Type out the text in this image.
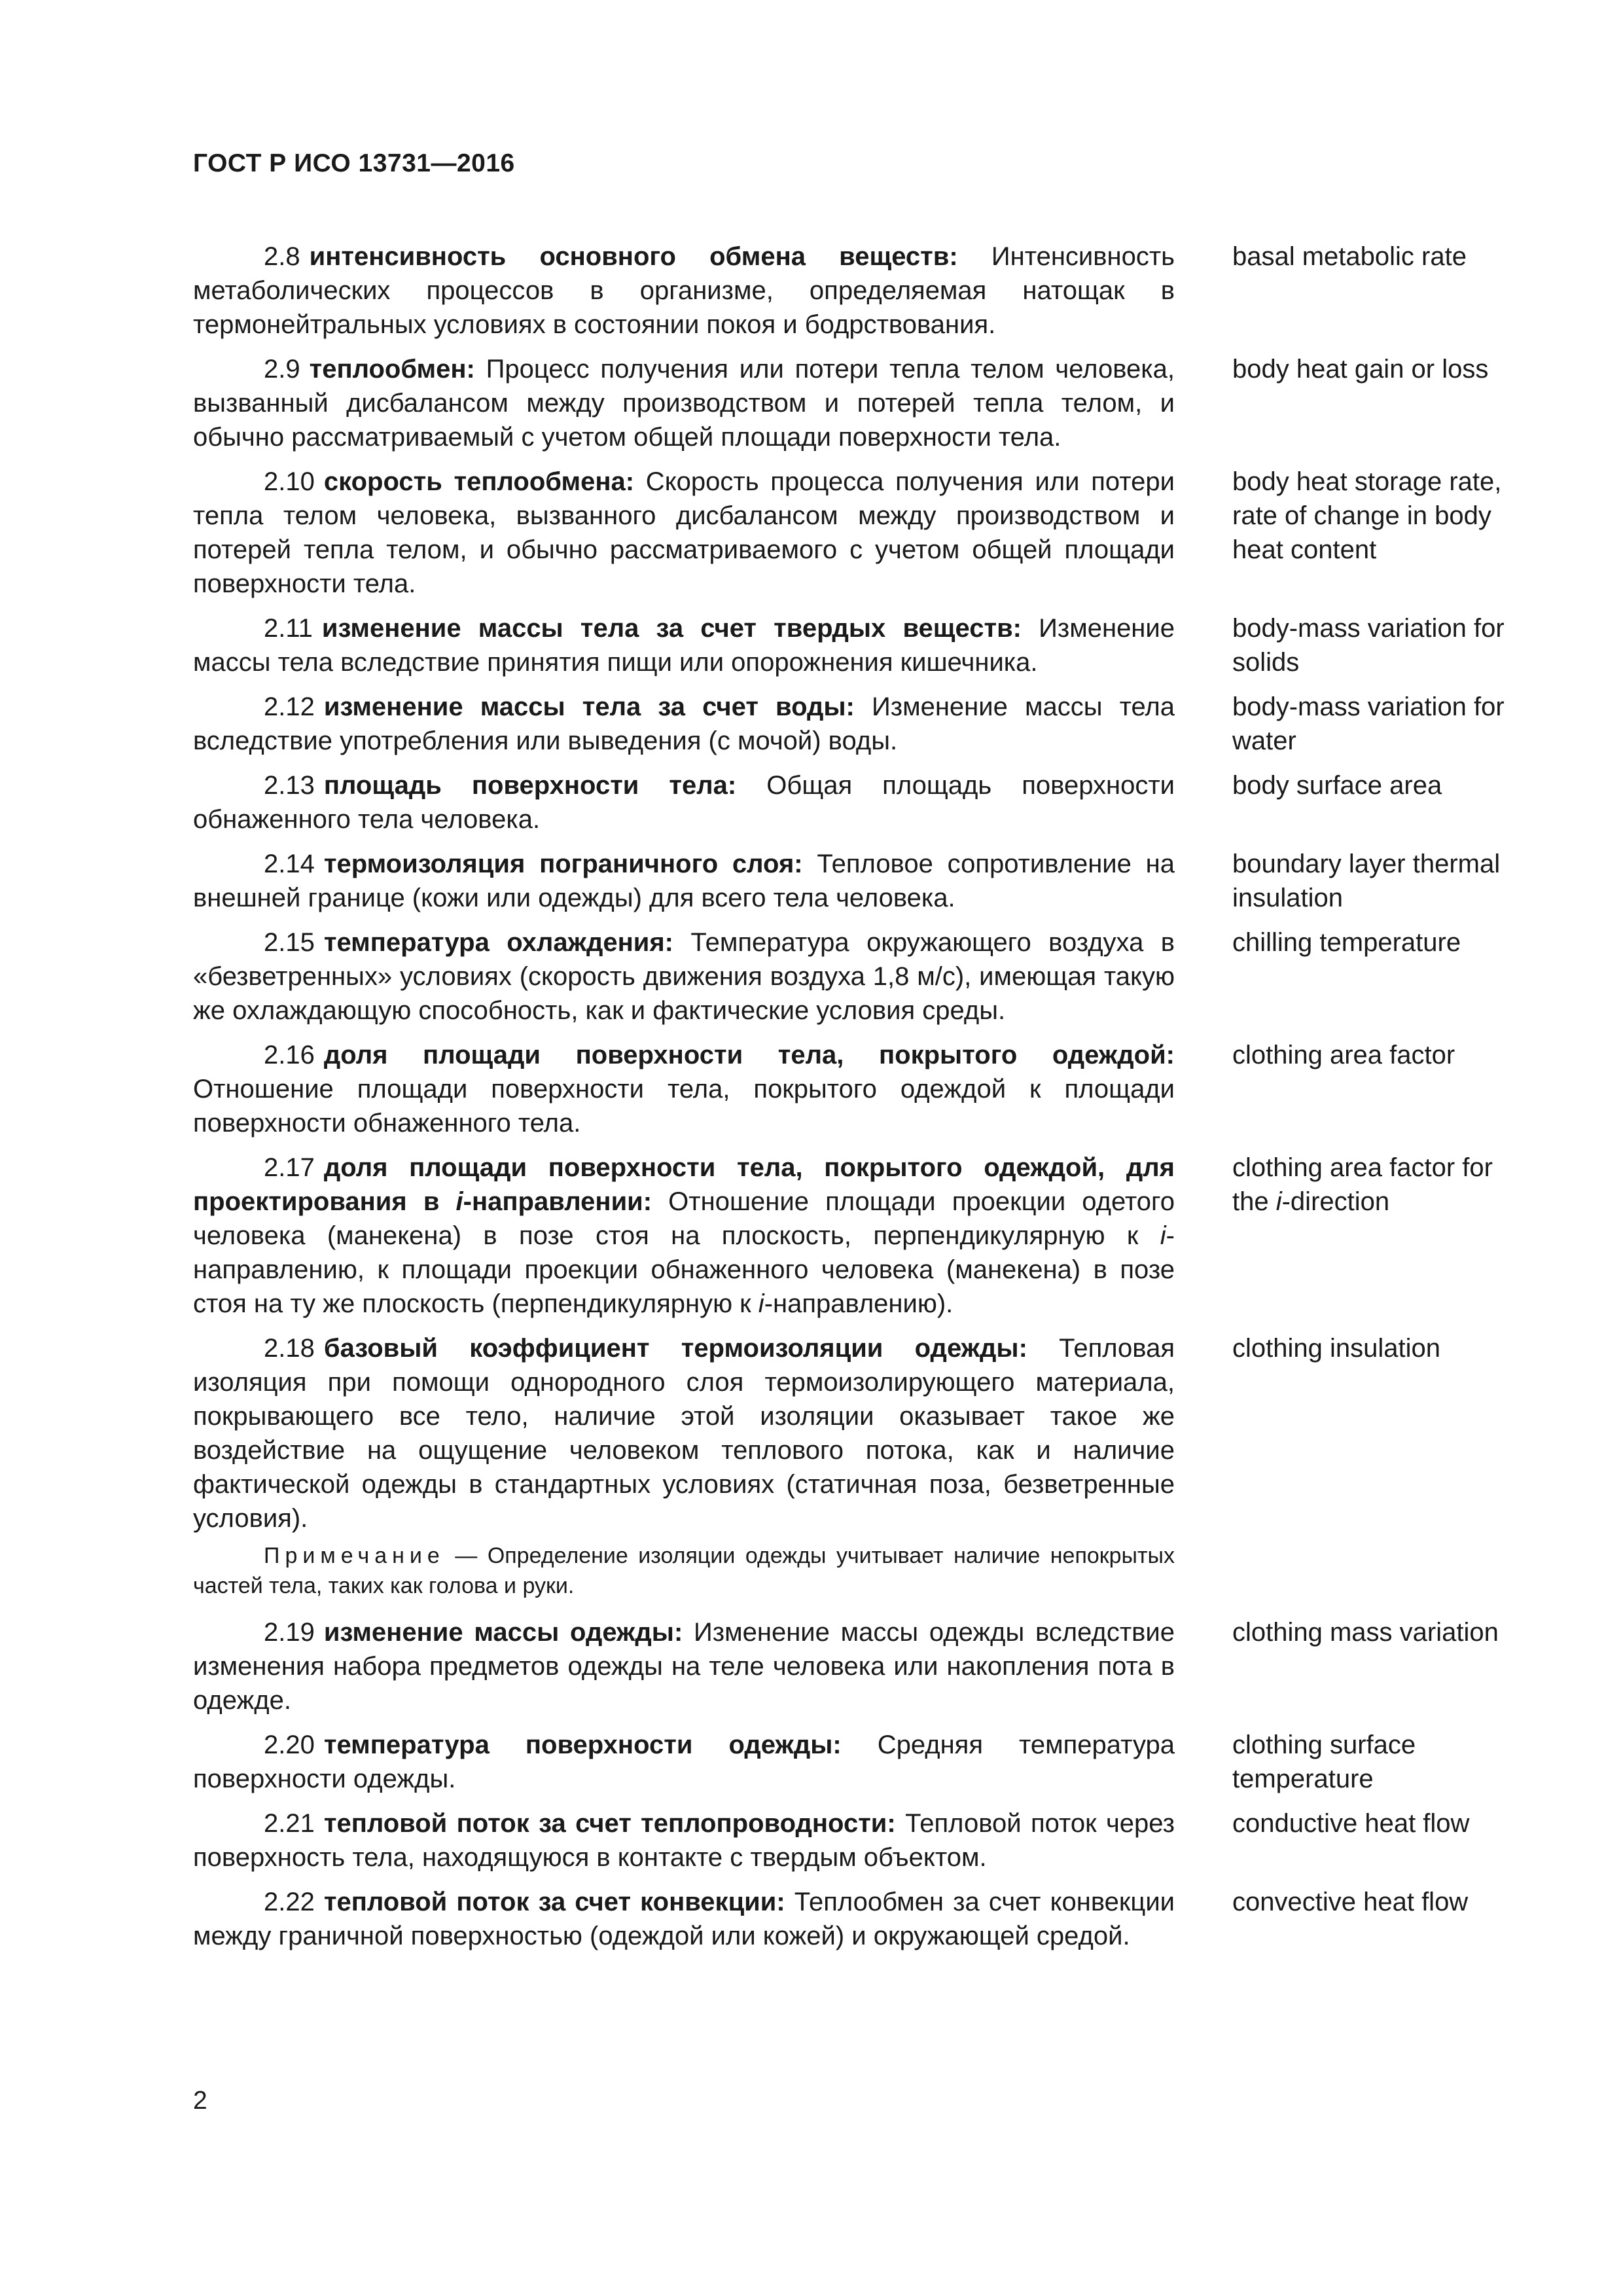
ГОСТ Р ИСО 13731—2016
2.8 интенсивность основного обмена веществ: Интенсивность метаболических процессов в организме, определяемая натощак в термонейтральных условиях в состоянии покоя и бодрствования.
basal metabolic rate
2.9 теплообмен: Процесс получения или потери тепла телом человека, вызванный дисбалансом между производством и потерей тепла телом, и обычно рассматриваемый с учетом общей площади поверхности тела.
body heat gain or loss
2.10 скорость теплообмена: Скорость процесса получения или потери тепла телом человека, вызванного дисбалансом между производством и потерей тепла телом, и обычно рассматриваемого с учетом общей площади поверхности тела.
body heat storage rate, rate of change in body heat content
2.11 изменение массы тела за счет твердых веществ: Изменение массы тела вследствие принятия пищи или опорожнения кишечника.
body-mass variation for solids
2.12 изменение массы тела за счет воды: Изменение массы тела вследствие употребления или выведения (с мочой) воды.
body-mass variation for water
2.13 площадь поверхности тела: Общая площадь поверхности обнаженного тела человека.
body surface area
2.14 термоизоляция пограничного слоя: Тепловое сопротивление на внешней границе (кожи или одежды) для всего тела человека.
boundary layer thermal insulation
2.15 температура охлаждения: Температура окружающего воздуха в «безветренных» условиях (скорость движения воздуха 1,8 м/с), имеющая такую же охлаждающую способность, как и фактические условия среды.
chilling temperature
2.16 доля площади поверхности тела, покрытого одеждой: Отношение площади поверхности тела, покрытого одеждой к площади поверхности обнаженного тела.
clothing area factor
2.17 доля площади поверхности тела, покрытого одеждой, для проектирования в i-направлении: Отношение площади проекции одетого человека (манекена) в позе стоя на плоскость, перпендикулярную к i-направлению, к площади проекции обнаженного человека (манекена) в позе стоя на ту же плоскость (перпендикулярную к i-направлению).
clothing area factor for the i-direction
2.18 базовый коэффициент термоизоляции одежды: Тепловая изоляция при помощи однородного слоя термоизолирующего материала, покрывающего все тело, наличие этой изоляции оказывает такое же воздействие на ощущение человеком теплового потока, как и наличие фактической одежды в стандартных условиях (статичная поза, безветренные условия).
clothing insulation
Примечание — Определение изоляции одежды учитывает наличие непокрытых частей тела, таких как голова и руки.
2.19 изменение массы одежды: Изменение массы одежды вследствие изменения набора предметов одежды на теле человека или накопления пота в одежде.
clothing mass variation
2.20 температура поверхности одежды: Средняя температура поверхности одежды.
clothing surface temperature
2.21 тепловой поток за счет теплопроводности: Тепловой поток через поверхность тела, находящуюся в контакте с твердым объектом.
conductive heat flow
2.22 тепловой поток за счет конвекции: Теплообмен за счет конвекции между граничной поверхностью (одеждой или кожей) и окружающей средой.
convective heat flow
2
